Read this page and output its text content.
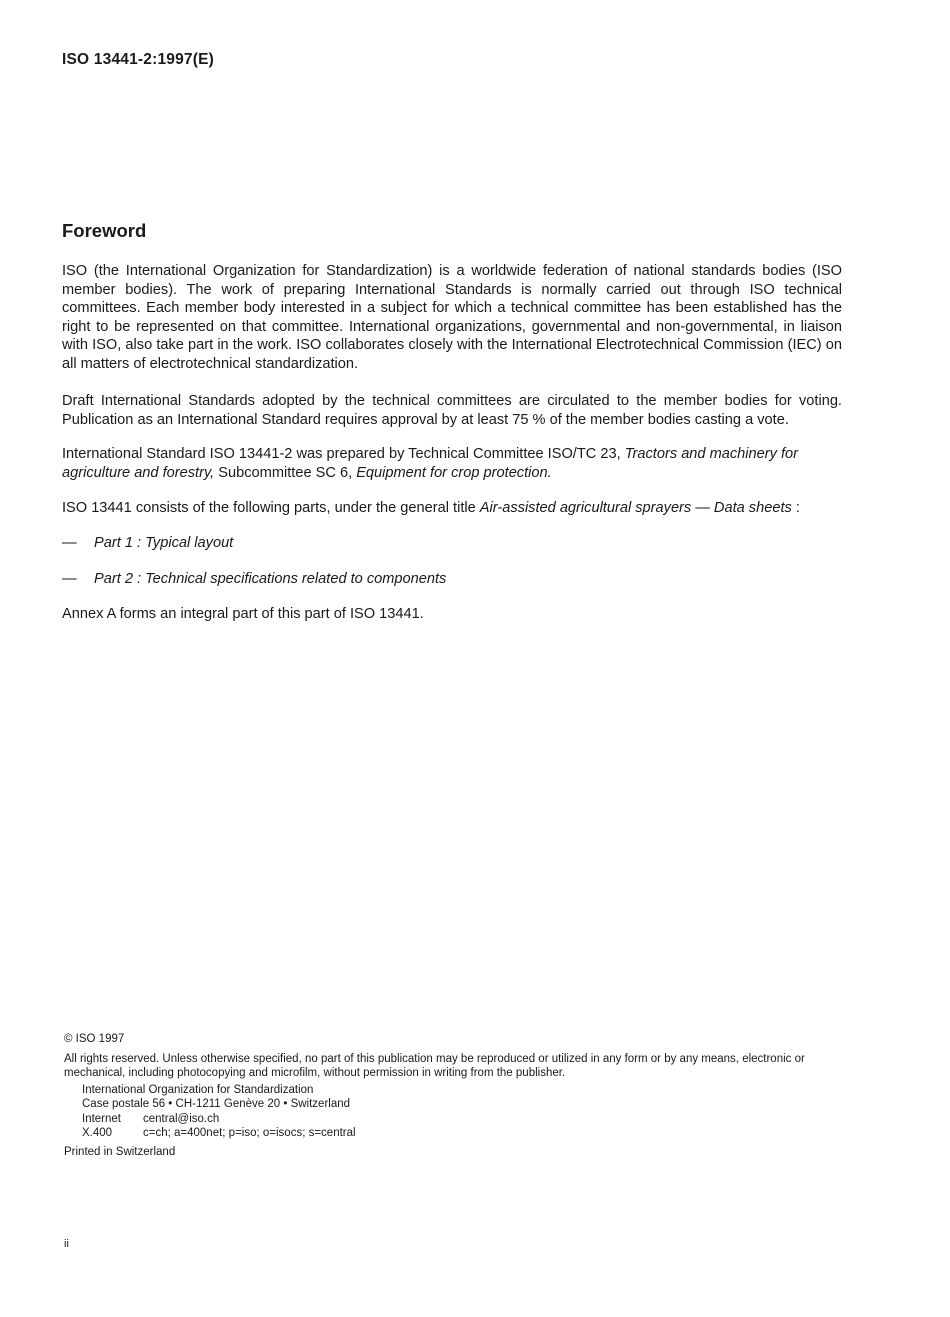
ISO 13441-2:1997(E)
Foreword
ISO (the International Organization for Standardization) is a worldwide federation of national standards bodies (ISO member bodies). The work of preparing International Standards is normally carried out through ISO technical committees. Each member body interested in a subject for which a technical committee has been established has the right to be represented on that committee. International organizations, governmental and non-governmental, in liaison with ISO, also take part in the work. ISO collaborates closely with the International Electrotechnical Commission (IEC) on all matters of electrotechnical standardization.
Draft International Standards adopted by the technical committees are circulated to the member bodies for voting. Publication as an International Standard requires approval by at least 75 % of the member bodies casting a vote.
International Standard ISO 13441-2 was prepared by Technical Committee ISO/TC 23, Tractors and machinery for agriculture and forestry, Subcommittee SC 6, Equipment for crop protection.
ISO 13441 consists of the following parts, under the general title Air-assisted agricultural sprayers — Data sheets :
— Part 1 : Typical layout
— Part 2 : Technical specifications related to components
Annex A forms an integral part of this part of ISO 13441.
© ISO 1997
All rights reserved. Unless otherwise specified, no part of this publication may be reproduced or utilized in any form or by any means, electronic or mechanical, including photocopying and microfilm, without permission in writing from the publisher.
International Organization for Standardization
Case postale 56 • CH-1211 Genève 20 • Switzerland
Internet central@iso.ch
X.400	c=ch; a=400net; p=iso; o=isocs; s=central
Printed in Switzerland
ii
